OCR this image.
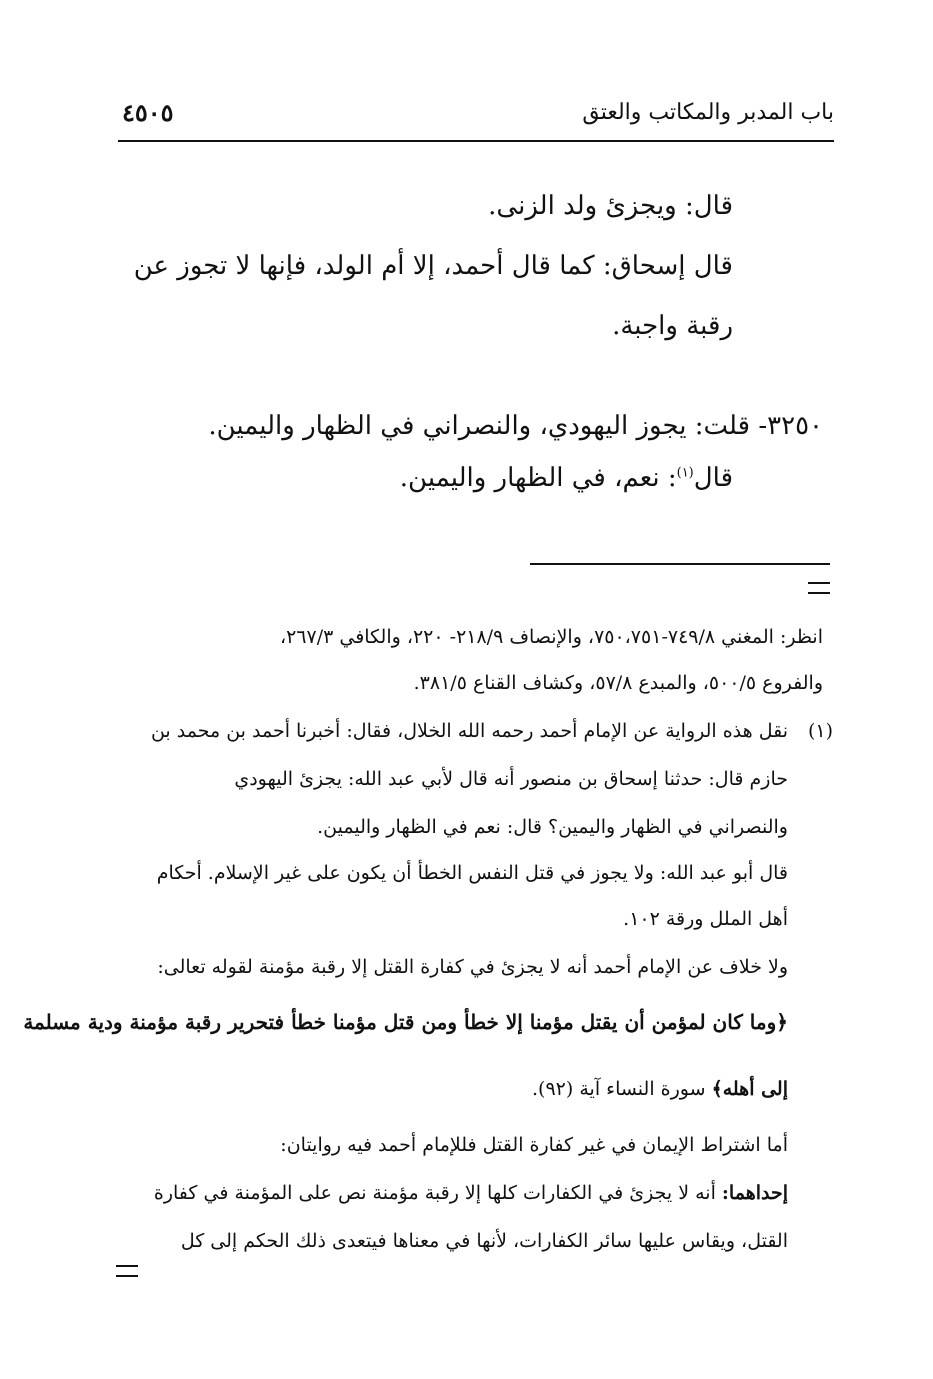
باب المدبر والمكاتب والعتق
٤٥٠٥
قال: ويجزئ ولد الزنى.
قال إسحاق: كما قال أحمد، إلا أم الولد، فإنها لا تجوز عن
رقبة واجبة.
٣٢٥٠- قلت: يجوز اليهودي، والنصراني في الظهار واليمين.
قال$^{(١)}$: نعم، في الظهار واليمين.
انظر: المغني ٧٤٩/٨-٧٥٠،٧٥١، والإنصاف ٢١٨/٩- ٢٢٠، والكافي ٢٦٧/٣،
والفروع ٥٠٠/٥، والمبدع ٥٧/٨، وكشاف القناع ٣٨١/٥.
(١)
نقل هذه الرواية عن الإمام أحمد رحمه الله الخلال، فقال: أخبرنا أحمد بن محمد بن
حازم قال: حدثنا إسحاق بن منصور أنه قال لأبي عبد الله: يجزئ اليهودي
والنصراني في الظهار واليمين؟ قال: نعم في الظهار واليمين.
قال أبو عبد الله: ولا يجوز في قتل النفس الخطأ أن يكون على غير الإسلام. أحكام
أهل الملل ورقة ١٠٢.
ولا خلاف عن الإمام أحمد أنه لا يجزئ في كفارة القتل إلا رقبة مؤمنة لقوله تعالى:
﴿وما كان لمؤمن أن يقتل مؤمنا إلا خطأ ومن قتل مؤمنا خطأ فتحرير رقبة مؤمنة ودية مسلمة
إلى أهله﴾ سورة النساء آية (٩٢).
أما اشتراط الإيمان في غير كفارة القتل فللإمام أحمد فيه روايتان:
إحداهما: أنه لا يجزئ في الكفارات كلها إلا رقبة مؤمنة نص على المؤمنة في كفارة
القتل، ويقاس عليها سائر الكفارات، لأنها في معناها فيتعدى ذلك الحكم إلى كل
